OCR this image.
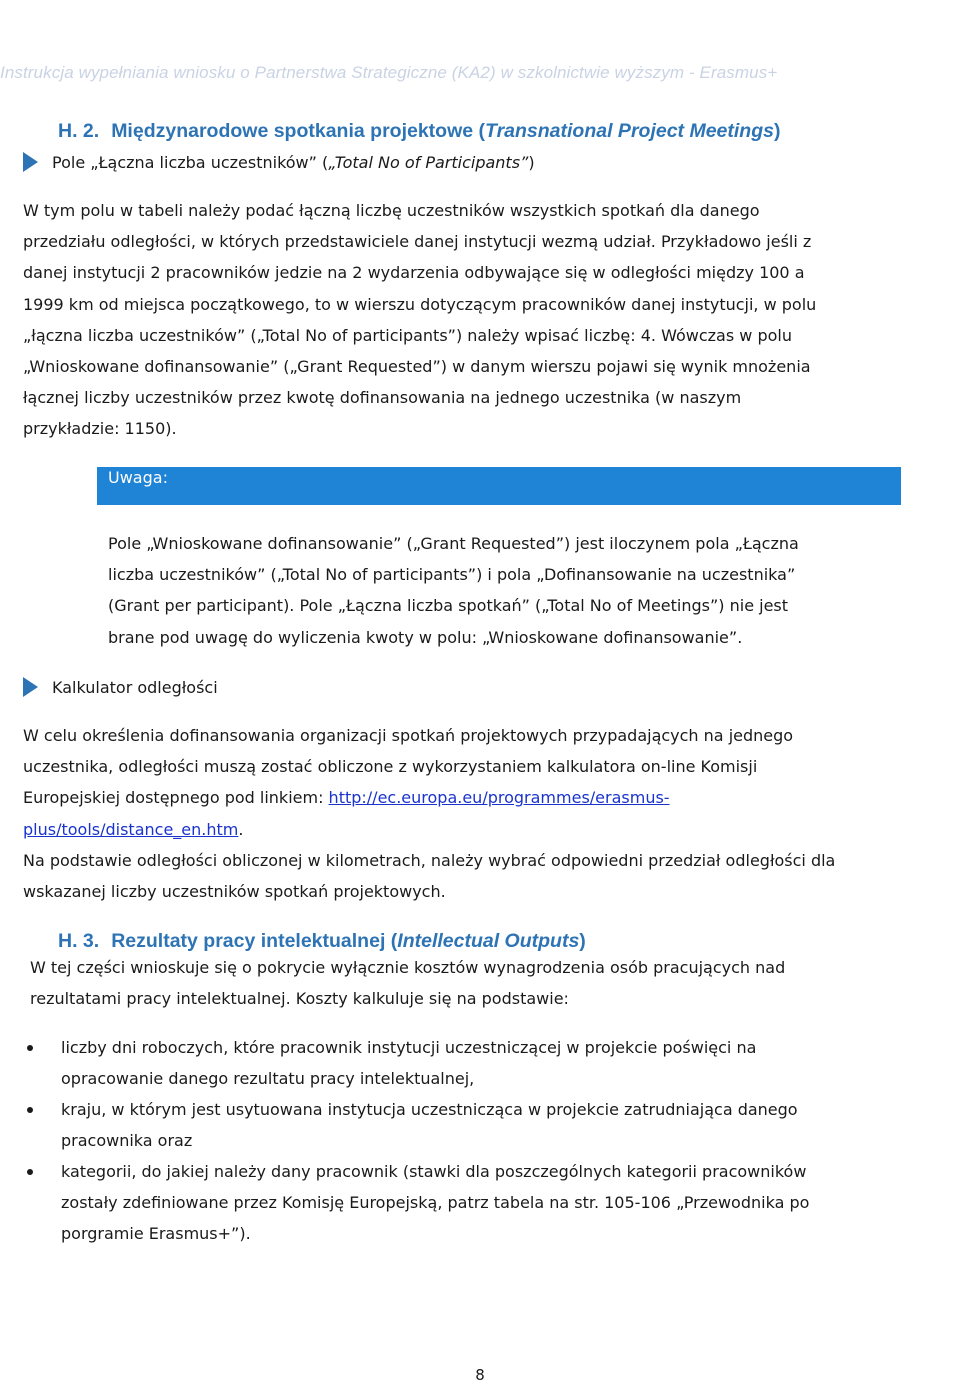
Instrukcja wypełniania wniosku o Partnerstwa Strategiczne (KA2) w szkolnictwie wyższym - Erasmus+
H. 2. Międzynarodowe spotkania projektowe (Transnational Project Meetings)
Pole „Łączna liczba uczestników” („Total No of Participants”)
W tym polu w tabeli należy podać łączną liczbę uczestników wszystkich spotkań dla danego
przedziału odległości, w których przedstawiciele danej instytucji wezmą udział. Przykładowo jeśli z
danej instytucji 2 pracowników jedzie na 2 wydarzenia odbywające się w odległości między 100 a
1999 km od miejsca początkowego, to w wierszu dotyczącym pracowników danej instytucji, w polu
„łączna liczba uczestników” („Total No of participants”) należy wpisać liczbę: 4. Wówczas w polu
„Wnioskowane dofinansowanie” („Grant Requested”) w danym wierszu pojawi się wynik mnożenia
łącznej liczby uczestników przez kwotę dofinansowania na jednego uczestnika (w naszym
przykładzie: 1150).
Uwaga:
Pole „Wnioskowane dofinansowanie” („Grant Requested”) jest iloczynem pola „Łączna
liczba uczestników” („Total No of participants”) i pola „Dofinansowanie na uczestnika”
(Grant per participant). Pole „Łączna liczba spotkań” („Total No of Meetings”) nie jest
brane pod uwagę do wyliczenia kwoty w polu: „Wnioskowane dofinansowanie”.
Kalkulator odległości
W celu określenia dofinansowania organizacji spotkań projektowych przypadających na jednego
uczestnika, odległości muszą zostać obliczone z wykorzystaniem kalkulatora on-line Komisji
Europejskiej dostępnego pod linkiem: http://ec.europa.eu/programmes/erasmus-
plus/tools/distance_en.htm.
Na podstawie odległości obliczonej w kilometrach, należy wybrać odpowiedni przedział odległości dla
wskazanej liczby uczestników spotkań projektowych.
H. 3. Rezultaty pracy intelektualnej (Intellectual Outputs)
W tej części wnioskuje się o pokrycie wyłącznie kosztów wynagrodzenia osób pracujących nad
rezultatami pracy intelektualnej. Koszty kalkuluje się na podstawie:
liczby dni roboczych, które pracownik instytucji uczestniczącej w projekcie poświęci na
opracowanie danego rezultatu pracy intelektualnej,
kraju, w którym jest usytuowana instytucja uczestnicząca w projekcie zatrudniająca danego
pracownika oraz
kategorii, do jakiej należy dany pracownik (stawki dla poszczególnych kategorii pracowników
zostały zdefiniowane przez Komisję Europejską, patrz tabela na str. 105-106 „Przewodnika po
porgramie Erasmus+”).
8
